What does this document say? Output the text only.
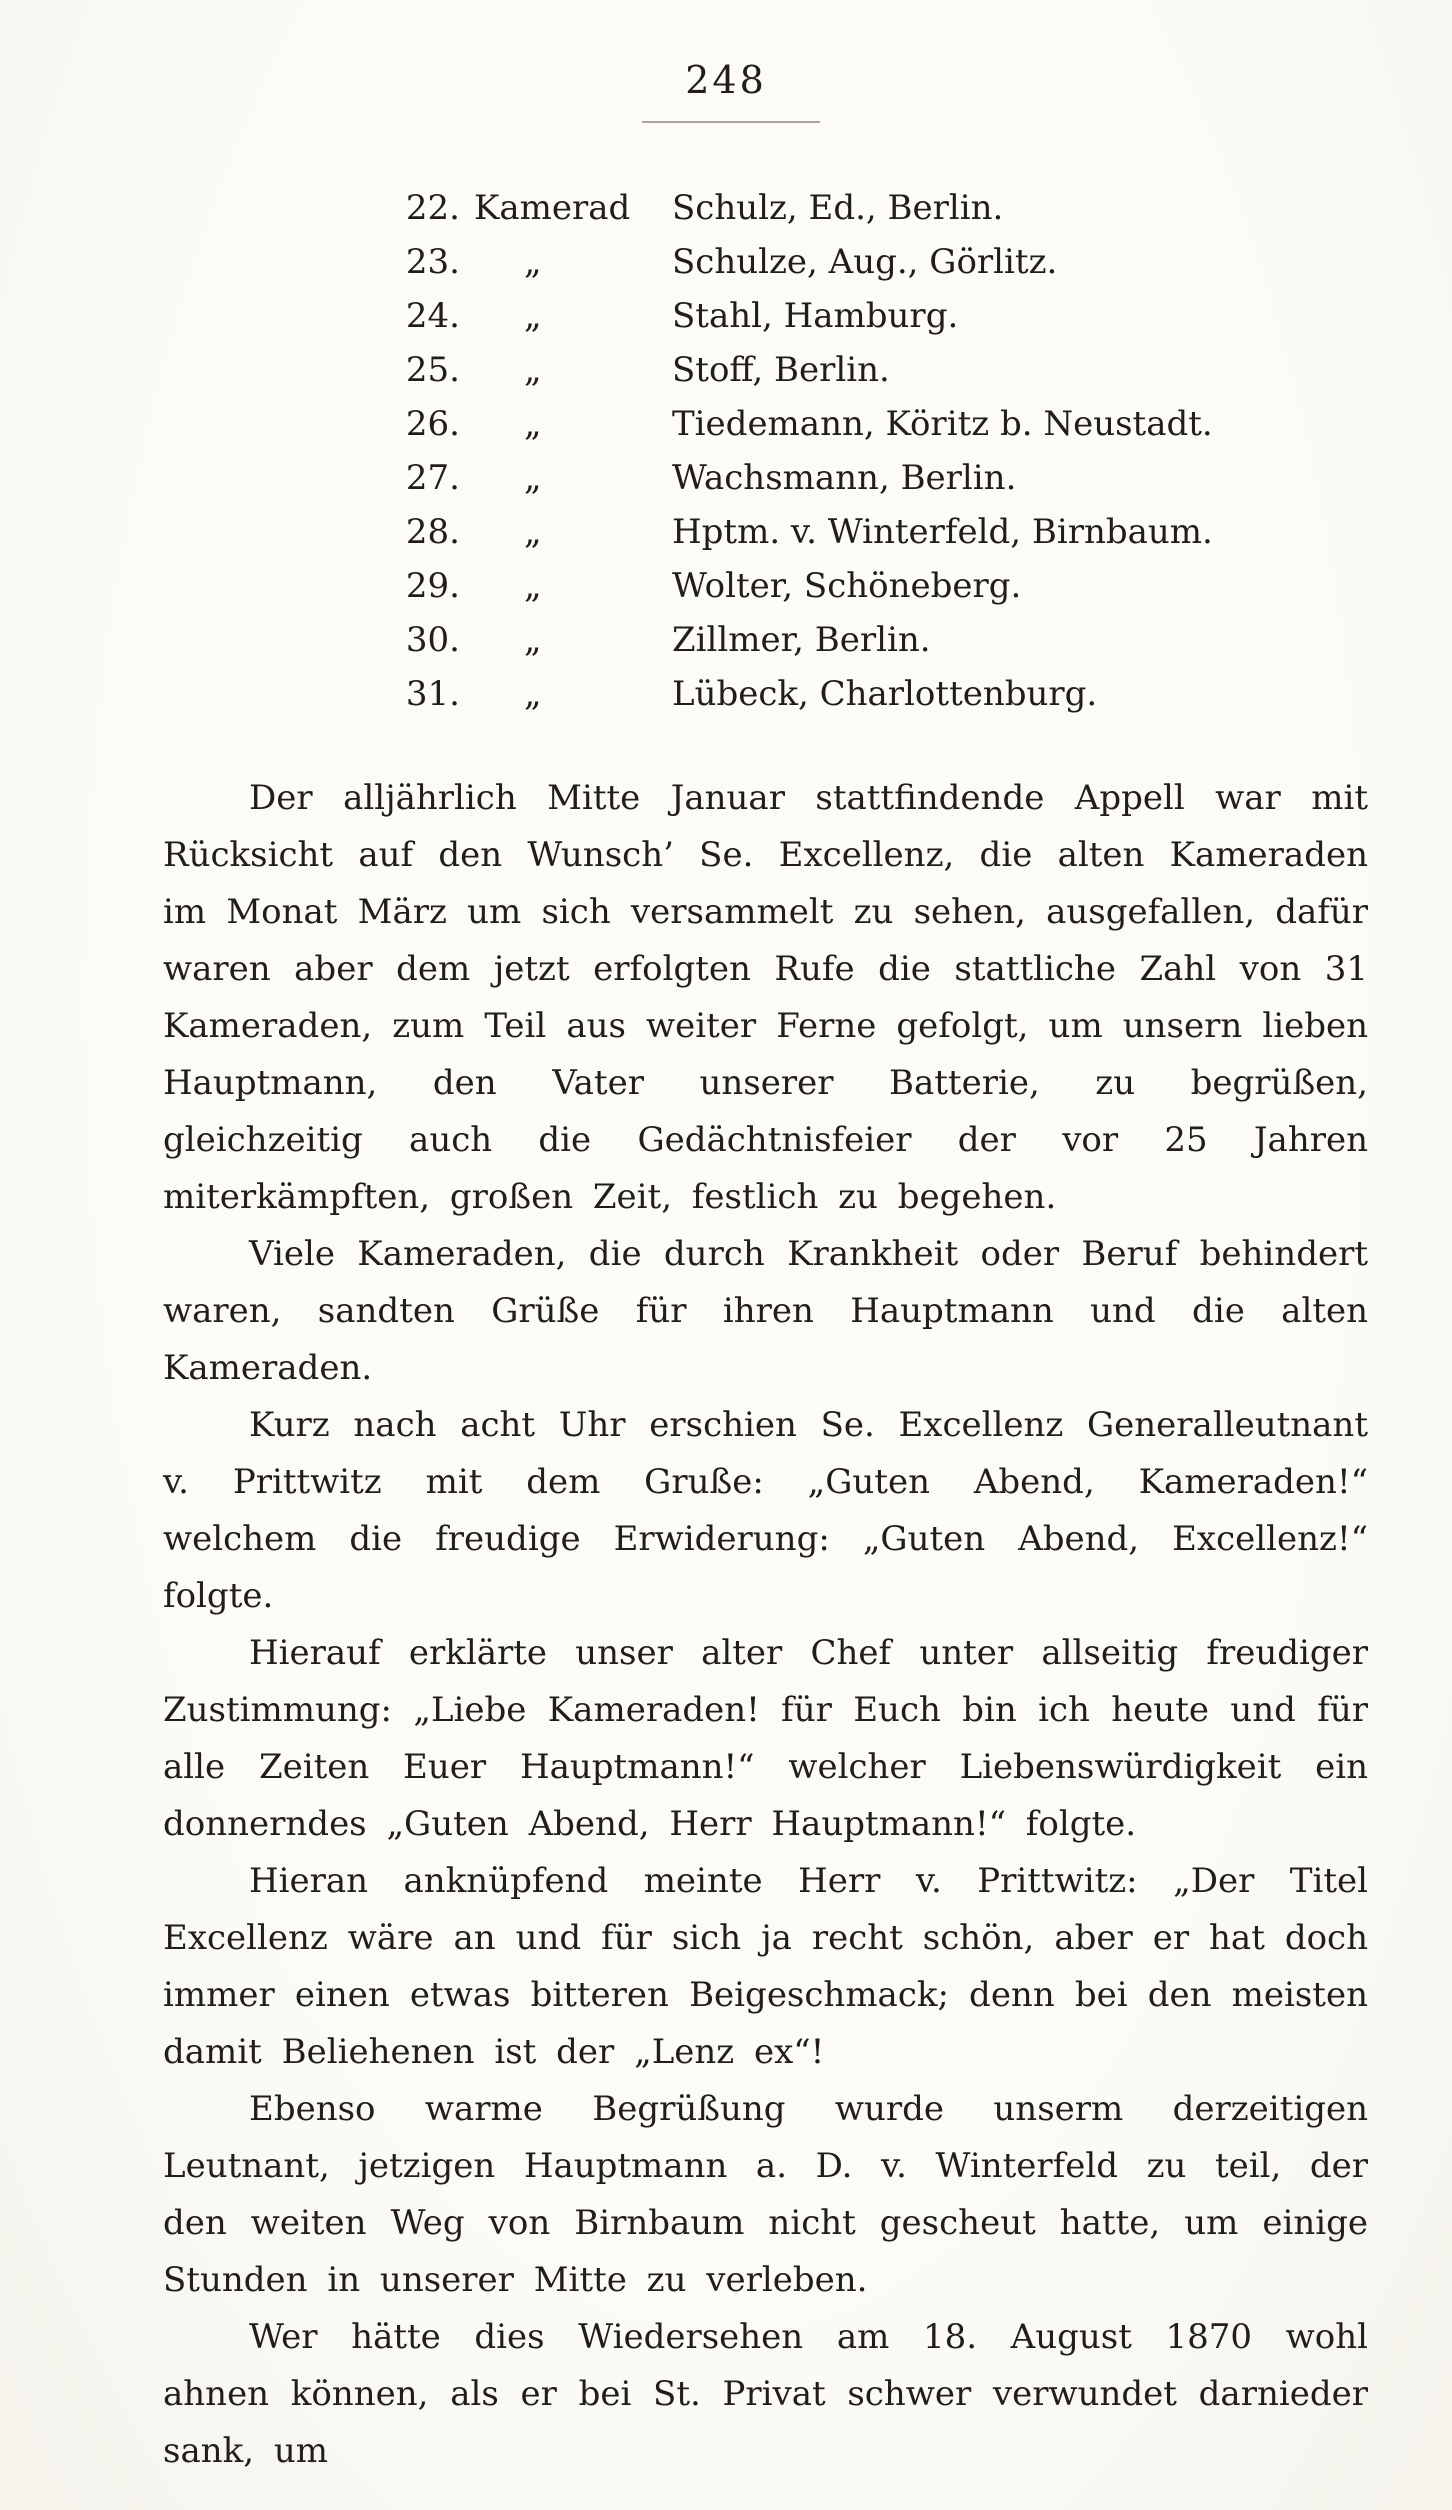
248
22. Kamerad	Schulz, Ed., Berlin.
23.	„	Schulze, Aug., Görlitz.
24.	„	Stahl, Hamburg.
25.	„	Stoff, Berlin.
26.	„	Tiedemann, Köritz b. Neustadt.
27.	„	Wachsmann, Berlin.
28.	„	Hptm. v. Winterfeld, Birnbaum.
29.	„	Wolter, Schöneberg.
30.	„	Zillmer, Berlin.
31.	„	Lübeck, Charlottenburg.

Der alljährlich Mitte Januar stattfindende Appell war mit Rücksicht auf den Wunsch’ Se. Excellenz, die alten Kameraden im Monat März um sich versammelt zu sehen, ausgefallen, dafür waren aber dem jetzt erfolgten Rufe die stattliche Zahl von 31 Kameraden, zum Teil aus weiter Ferne gefolgt, um unsern lieben Hauptmann, den Vater unserer Batterie, zu begrüßen, gleichzeitig auch die Gedächtnisfeier der vor 25 Jahren miterkämpften, großen Zeit, festlich zu begehen.

Viele Kameraden, die durch Krankheit oder Beruf behindert waren, sandten Grüße für ihren Hauptmann und die alten Kameraden.

Kurz nach acht Uhr erschien Se. Excellenz Generalleutnant v. Prittwitz mit dem Gruße: „Guten Abend, Kameraden!“ welchem die freudige Erwiderung: „Guten Abend, Excellenz!“ folgte.

Hierauf erklärte unser alter Chef unter allseitig freudiger Zustimmung: „Liebe Kameraden! für Euch bin ich heute und für alle Zeiten Euer Hauptmann!“ welcher Liebenswürdigkeit ein donnerndes „Guten Abend, Herr Hauptmann!“ folgte.

Hieran anknüpfend meinte Herr v. Prittwitz: „Der Titel Excellenz wäre an und für sich ja recht schön, aber er hat doch immer einen etwas bitteren Beigeschmack; denn bei den meisten damit Beliehenen ist der „Lenz ex“!

Ebenso warme Begrüßung wurde unserm derzeitigen Leutnant, jetzigen Hauptmann a. D. v. Winterfeld zu teil, der den weiten Weg von Birnbaum nicht gescheut hatte, um einige Stunden in unserer Mitte zu verleben.

Wer hätte dies Wiedersehen am 18. August 1870 wohl ahnen können, als er bei St. Privat schwer verwundet darnieder sank, um
